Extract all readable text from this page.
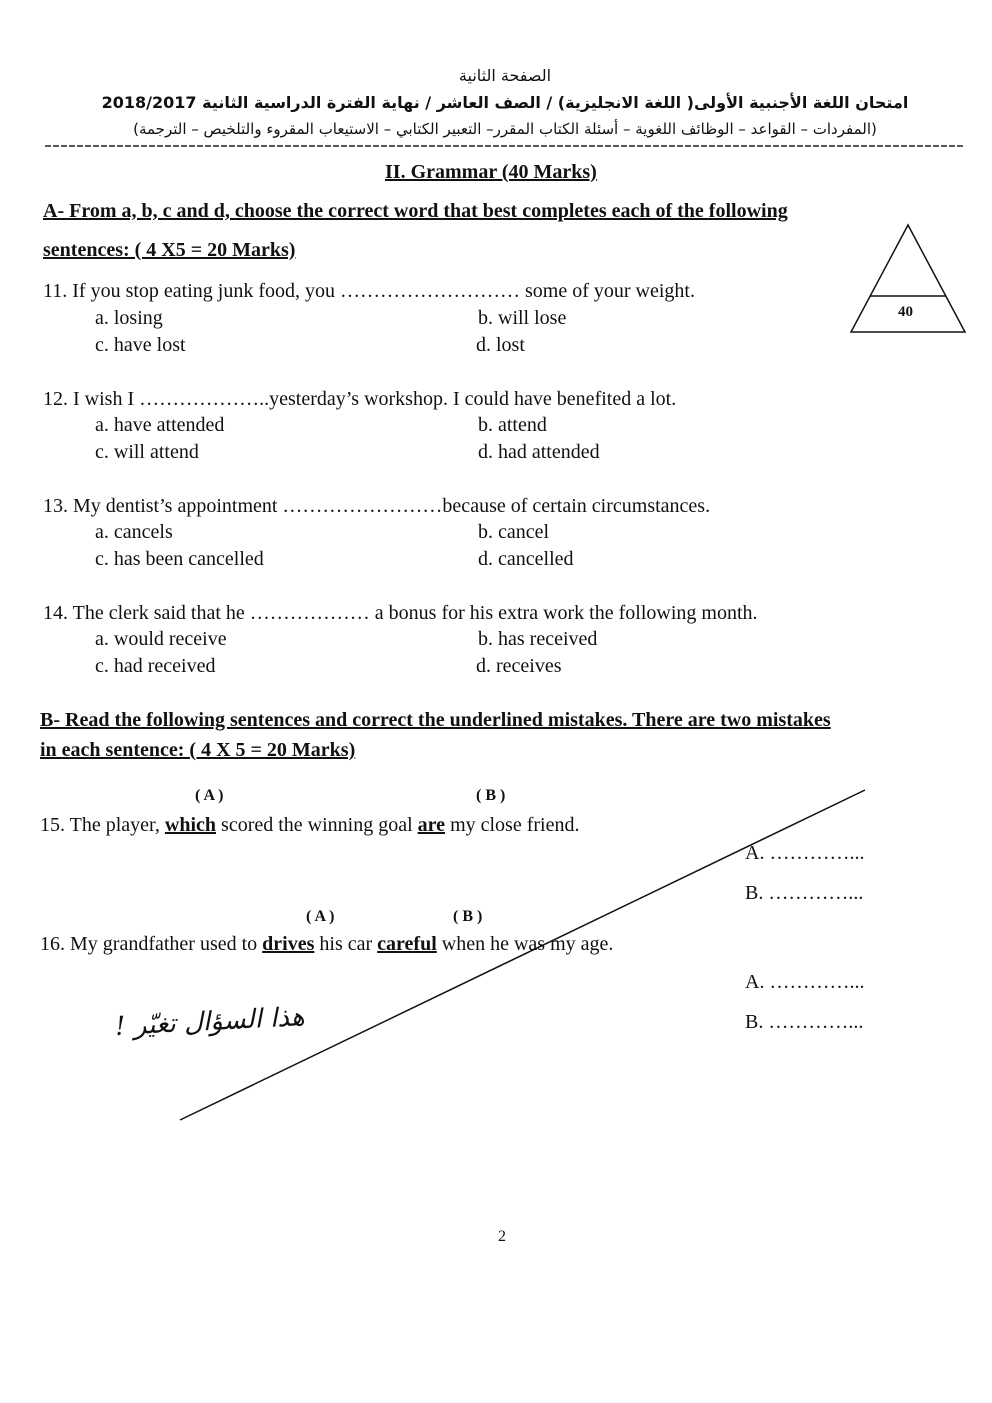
الصفحة الثانية
امتحان اللغة الأجنبية الأولى( اللغة الانجليزية) / الصف العاشر / نهاية الفترة الدراسية الثانية 2018/2017
(المفردات – القواعد – الوظائف اللغوية – أسئلة الكتاب المقرر– التعبير الكتابي – الاستيعاب المقروء والتلخيص – الترجمة)
II. Grammar (40 Marks)
A- From a, b, c and d, choose the correct word that best completes each of the following
sentences: ( 4 X5 = 20 Marks)
40
11. If you stop eating junk food, you ……………………… some of your weight.
a. losing	b. will lose
c. have lost	d. lost
12. I wish I ………………..yesterday’s workshop. I could have benefited a lot.
a. have attended	b. attend
c. will attend	d. had attended
13. My dentist’s appointment ……………………because of certain circumstances.
a. cancels	b. cancel
c. has been cancelled	d. cancelled
14. The clerk said that he ……………… a bonus for his extra work the following month.
a. would receive	b. has received
c. had received	d. receives
B- Read the following sentences and correct the underlined mistakes. There are two mistakes
in each sentence: ( 4 X 5 = 20 Marks)
( A )	( B )
15. The player, which scored the winning goal are my close friend.
A. …………...
B. …………...
( A )	( B )
16. My grandfather used to drives his car careful when he was my age.
A. …………...
B. …………...
هذا السؤال تغيّر !
2
